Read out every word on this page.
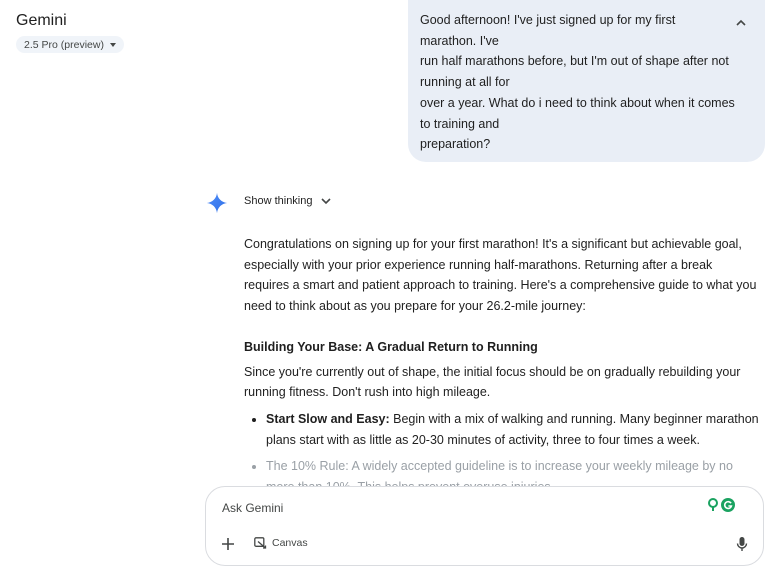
Gemini
2.5 Pro (preview)
Good afternoon! I've just signed up for my first
marathon. I've
run half marathons before, but I'm out of shape after not
running at all for
over a year. What do i need to think about when it comes
to training and
preparation?
Show thinking

Congratulations on signing up for your first marathon! It's a significant but achievable goal, especially with your prior experience running half-marathons. Returning after a break requires a smart and patient approach to training. Here's a comprehensive guide to what you need to think about as you prepare for your 26.2-mile journey:

Building Your Base: A Gradual Return to Running

Since you're currently out of shape, the initial focus should be on gradually rebuilding your running fitness. Don't rush into high mileage.

• Start Slow and Easy: Begin with a mix of walking and running. Many beginner marathon plans start with as little as 20-30 minutes of activity, three to four times a week.
• The 10% Rule: A widely accepted guideline is to increase your weekly mileage by no
Ask Gemini
Canvas
